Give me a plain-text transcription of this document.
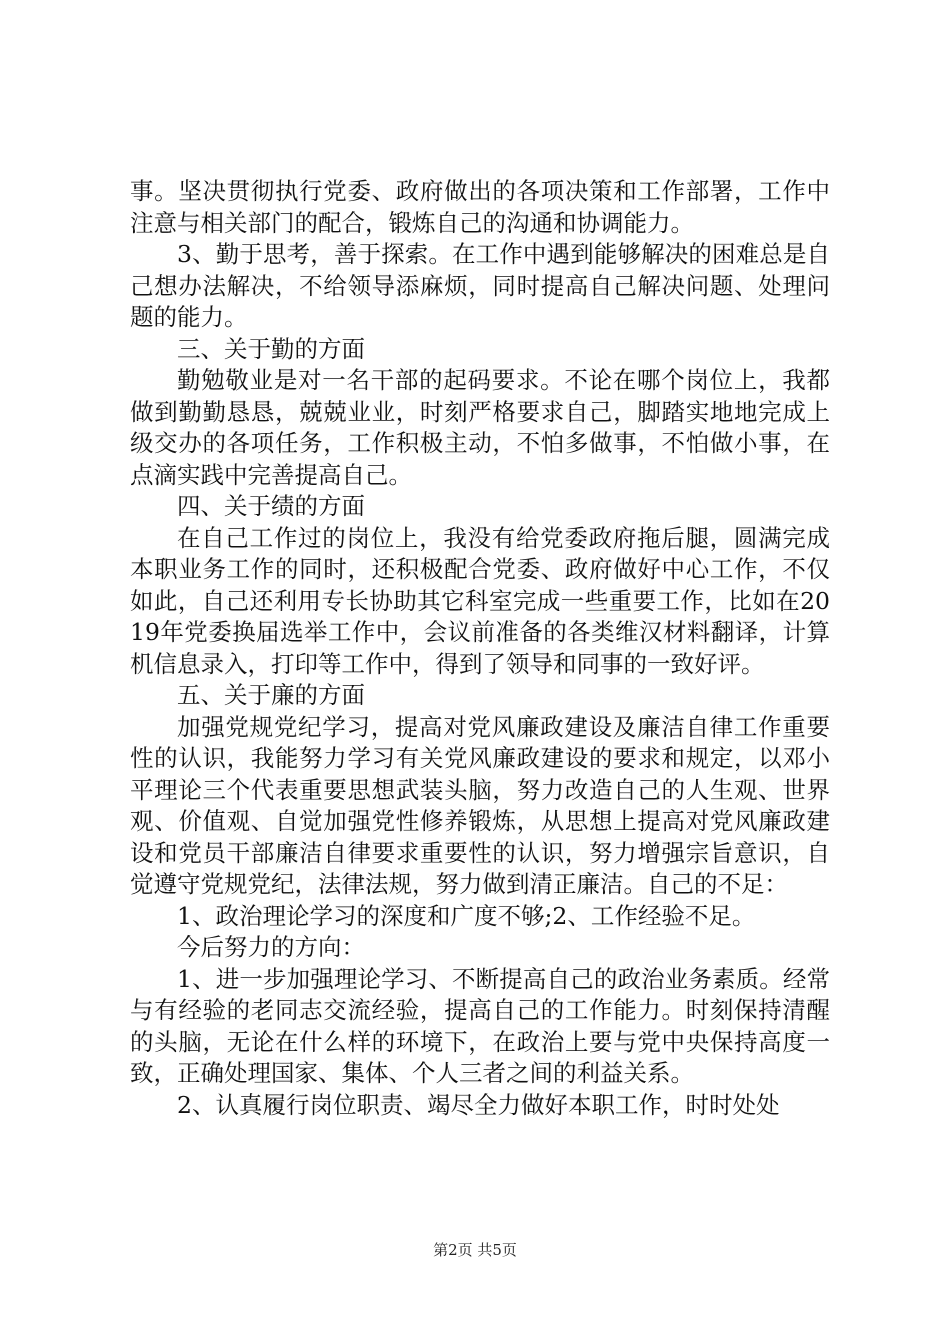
事。坚决贯彻执行党委、政府做出的各项决策和工作部署，工作中注意与相关部门的配合，锻炼自己的沟通和协调能力。

3、勤于思考，善于探索。在工作中遇到能够解决的困难总是自己想办法解决，不给领导添麻烦，同时提高自己解决问题、处理问题的能力。

三、关于勤的方面

勤勉敬业是对一名干部的起码要求。不论在哪个岗位上，我都做到勤勤恳恳，兢兢业业，时刻严格要求自己，脚踏实地地完成上级交办的各项任务，工作积极主动，不怕多做事，不怕做小事，在点滴实践中完善提高自己。

四、关于绩的方面

在自己工作过的岗位上，我没有给党委政府拖后腿，圆满完成本职业务工作的同时，还积极配合党委、政府做好中心工作，不仅如此，自己还利用专长协助其它科室完成一些重要工作，比如在2019年党委换届选举工作中，会议前准备的各类维汉材料翻译，计算机信息录入，打印等工作中，得到了领导和同事的一致好评。

五、关于廉的方面

加强党规党纪学习，提高对党风廉政建设及廉洁自律工作重要性的认识，我能努力学习有关党风廉政建设的要求和规定，以邓小平理论三个代表重要思想武装头脑，努力改造自己的人生观、世界观、价值观、自觉加强党性修养锻炼，从思想上提高对党风廉政建设和党员干部廉洁自律要求重要性的认识，努力增强宗旨意识，自觉遵守党规党纪，法律法规，努力做到清正廉洁。自己的不足：

1、政治理论学习的深度和广度不够;2、工作经验不足。

今后努力的方向：

1、进一步加强理论学习、不断提高自己的政治业务素质。经常与有经验的老同志交流经验，提高自己的工作能力。时刻保持清醒的头脑，无论在什么样的环境下，在政治上要与党中央保持高度一致，正确处理国家、集体、个人三者之间的利益关系。

2、认真履行岗位职责、竭尽全力做好本职工作，时时处处

第2页 共5页
